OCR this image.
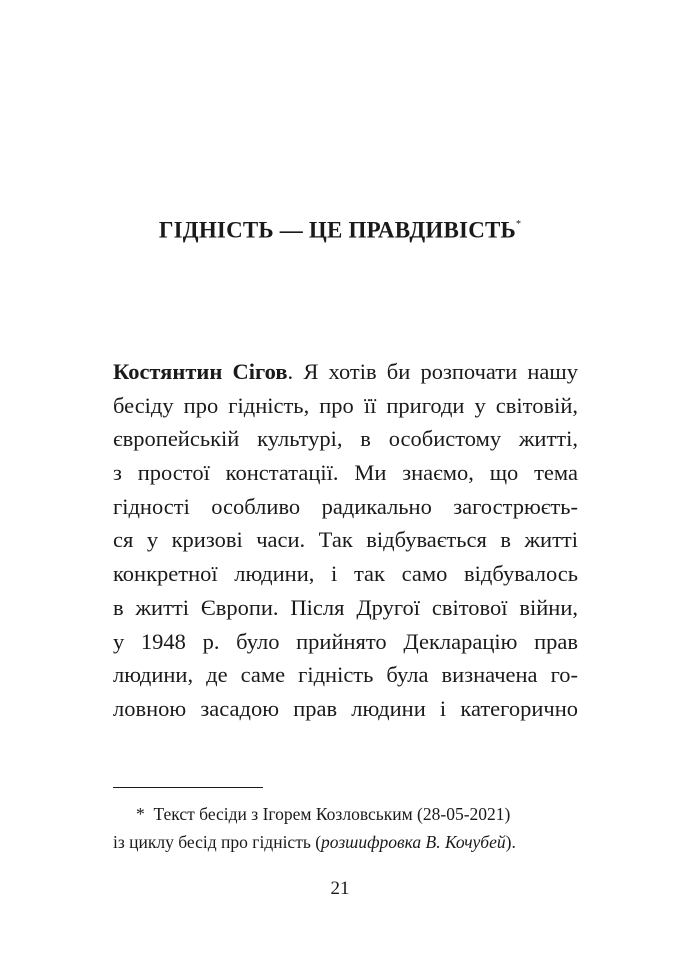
ГІДНІСТЬ — ЦЕ ПРАВДИВІСТЬ*
Костянтин Сігов. Я хотів би розпочати нашу
бесіду про гідність, про її пригоди у світовій,
європейській культурі, в особистому житті,
з простої констатації. Ми знаємо, що тема
гідності особливо радикально загострюєть-
ся у кризові часи. Так відбувається в житті
конкретної людини, і так само відбувалось
в житті Європи. Після Другої світової війни,
у 1948 р. було прийнято Декларацію прав
людини, де саме гідність була визначена го-
ловною засадою прав людини і категорично
* Текст бесіди з Ігорем Козловським (28-05-2021)
із циклу бесід про гідність (розшифровка В. Кочубей).
21
